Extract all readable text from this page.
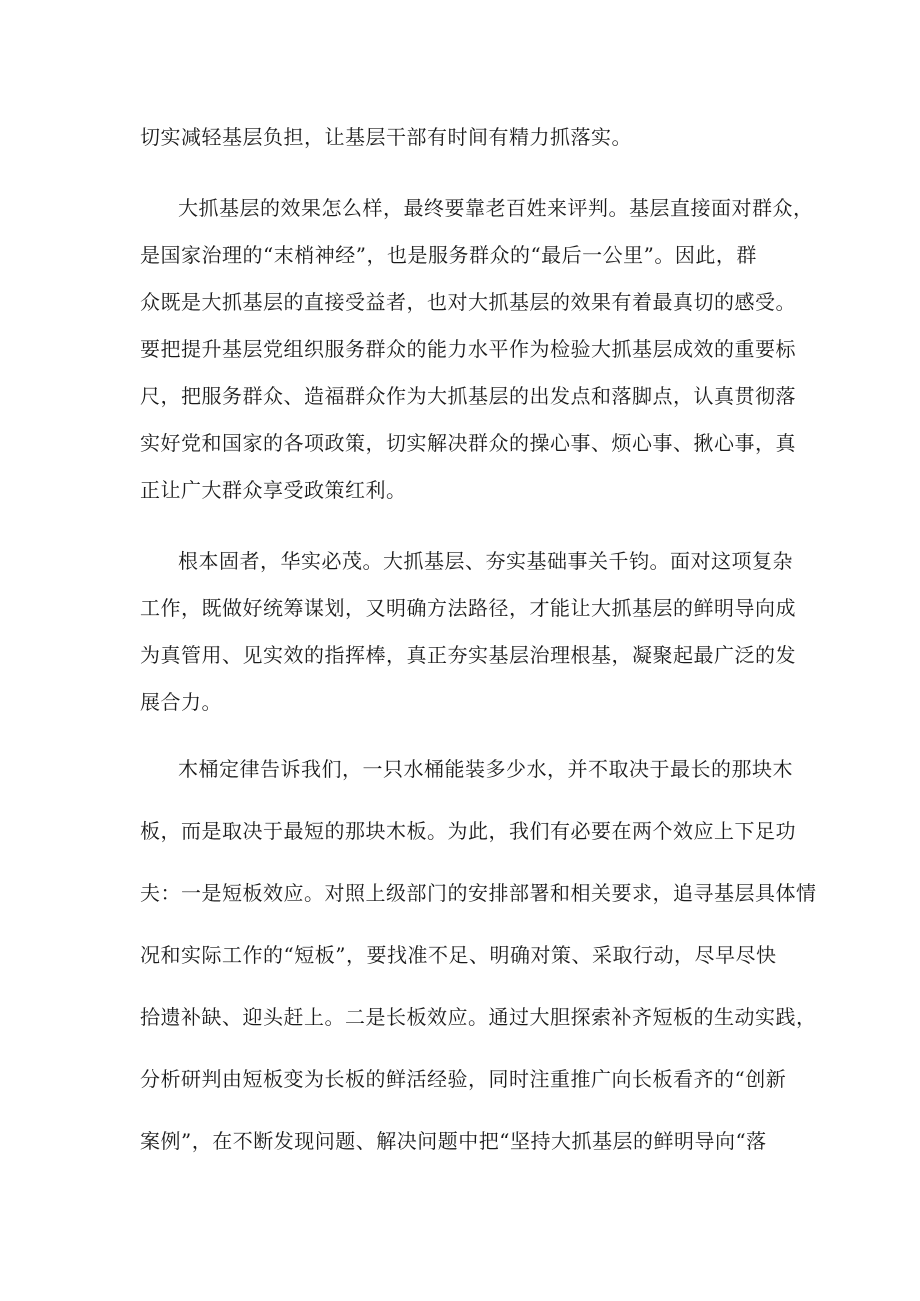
切实减轻基层负担，让基层干部有时间有精力抓落实。
大抓基层的效果怎么样，最终要靠老百姓来评判。基层直接面对群众，
是国家治理的“末梢神经”，也是服务群众的“最后一公里”。因此，群
众既是大抓基层的直接受益者，也对大抓基层的效果有着最真切的感受。
要把提升基层党组织服务群众的能力水平作为检验大抓基层成效的重要标
尺，把服务群众、造福群众作为大抓基层的出发点和落脚点，认真贯彻落
实好党和国家的各项政策，切实解决群众的操心事、烦心事、揪心事，真
正让广大群众享受政策红利。
根本固者，华实必茂。大抓基层、夯实基础事关千钧。面对这项复杂
工作，既做好统筹谋划，又明确方法路径，才能让大抓基层的鲜明导向成
为真管用、见实效的指挥棒，真正夯实基层治理根基，凝聚起最广泛的发
展合力。
木桶定律告诉我们，一只水桶能装多少水，并不取决于最长的那块木
板，而是取决于最短的那块木板。为此，我们有必要在两个效应上下足功
夫：一是短板效应。对照上级部门的安排部署和相关要求，追寻基层具体情
况和实际工作的“短板”，要找准不足、明确对策、采取行动，尽早尽快
拾遗补缺、迎头赶上。二是长板效应。通过大胆探索补齐短板的生动实践，
分析研判由短板变为长板的鲜活经验，同时注重推广向长板看齐的“创新
案例”，在不断发现问题、解决问题中把“坚持大抓基层的鲜明导向“落
